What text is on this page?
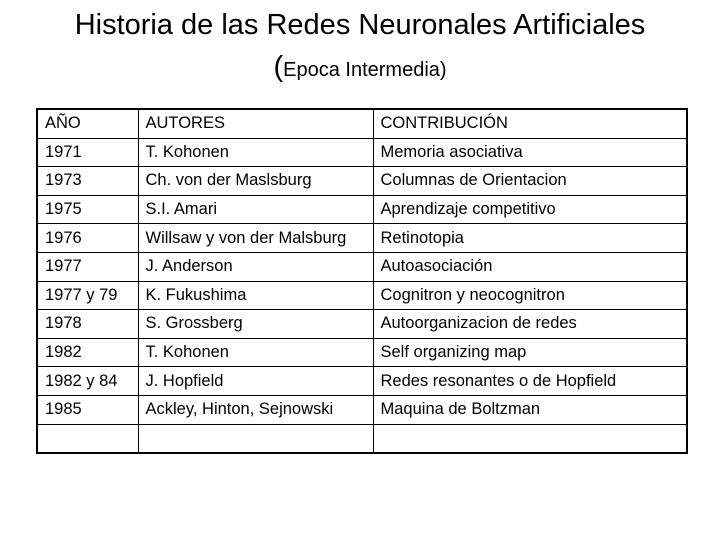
Historia de las Redes Neuronales Artificiales
(Epoca Intermedia)
AÑO	AUTORES	CONTRIBUCIÓN
1971	T. Kohonen	Memoria asociativa
1973	Ch. von der Maslsburg	Columnas de Orientacion
1975	S.I. Amari	Aprendizaje competitivo
1976	Willsaw y von der Malsburg	Retinotopia
1977	J. Anderson	Autoasociación
1977 y 79	K. Fukushima	Cognitron y neocognitron
1978	S. Grossberg	Autoorganizacion de redes
1982	T. Kohonen	Self organizing map
1982 y 84	J. Hopfield	Redes resonantes o de Hopfield
1985	Ackley, Hinton, Sejnowski	Maquina de Boltzman
